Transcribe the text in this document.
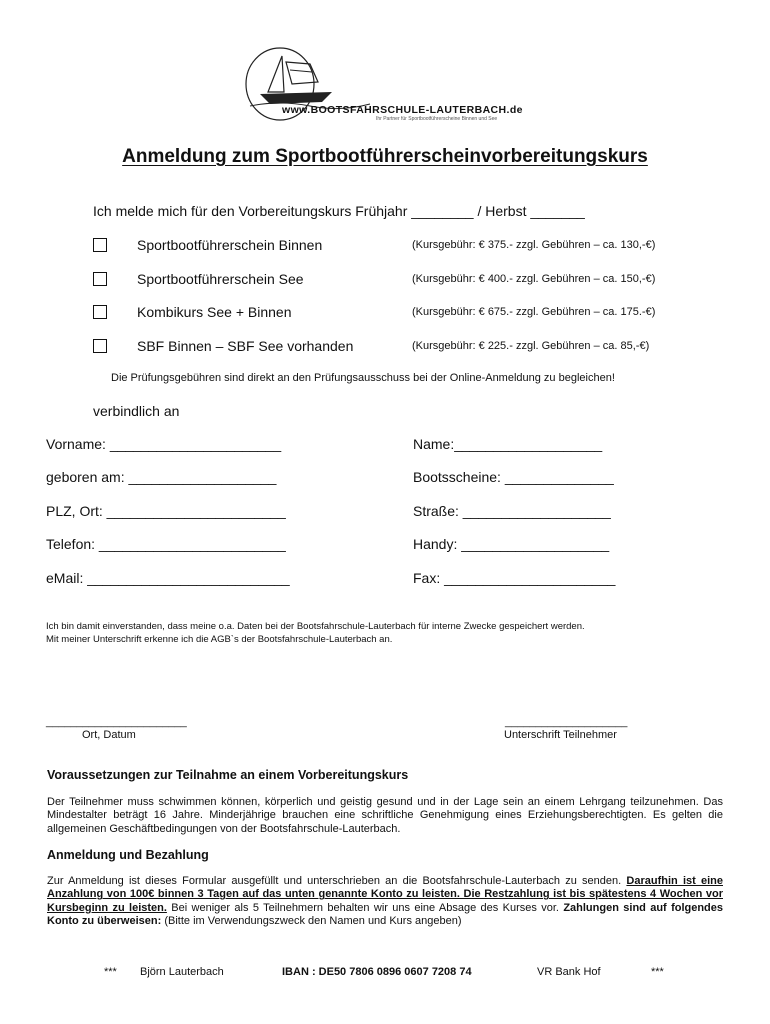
www.BOOTSFAHRSCHULE-LAUTERBACH.de
Ihr Partner für Sportbootführerscheine Binnen und See
Anmeldung zum Sportbootführerscheinvorbereitungskurs
Ich melde mich für den Vorbereitungskurs Frühjahr ________ / Herbst _______
Sportbootführerschein Binnen	(Kursgebühr: € 375.- zzgl. Gebühren – ca. 130,-€)
Sportbootführerschein See	(Kursgebühr: € 400.- zzgl. Gebühren – ca. 150,-€)
Kombikurs See + Binnen	(Kursgebühr: € 675.- zzgl. Gebühren – ca. 175.-€)
SBF Binnen – SBF See vorhanden	(Kursgebühr: € 225.- zzgl. Gebühren – ca. 85,-€)
Die Prüfungsgebühren sind direkt an den Prüfungsausschuss bei der Online-Anmeldung zu begleichen!
verbindlich an
Vorname: ______________________	Name:___________________
geboren am: ___________________	Bootsscheine: ______________
PLZ, Ort: _______________________	Straße: ___________________
Telefon: ________________________	Handy: ___________________
eMail: __________________________	Fax: ______________________
Ich bin damit einverstanden, dass meine o.a. Daten bei der Bootsfahrschule-Lauterbach für interne Zwecke gespeichert werden.
Mit meiner Unterschrift erkenne ich die AGB`s der Bootsfahrschule-Lauterbach an.
_______________________
Ort, Datum
____________________
Unterschrift Teilnehmer
Voraussetzungen zur Teilnahme an einem Vorbereitungskurs
Der Teilnehmer muss schwimmen können, körperlich und geistig gesund und in der Lage sein an einem Lehrgang teilzunehmen. Das Mindestalter beträgt 16 Jahre. Minderjährige brauchen eine schriftliche Genehmigung eines Erziehungsberechtigten. Es gelten die allgemeinen Geschäftbedingungen von der Bootsfahrschule-Lauterbach.
Anmeldung und Bezahlung
Zur Anmeldung ist dieses Formular ausgefüllt und unterschrieben an die Bootsfahrschule-Lauterbach zu senden. Daraufhin ist eine Anzahlung von 100€ binnen 3 Tagen auf das unten genannte Konto zu leisten. Die Restzahlung ist bis spätestens 4 Wochen vor Kursbeginn zu leisten. Bei weniger als 5 Teilnehmern behalten wir uns eine Absage des Kurses vor. Zahlungen sind auf folgendes Konto zu überweisen: (Bitte im Verwendungszweck den Namen und Kurs angeben)
*** Björn Lauterbach	IBAN : DE50 7806 0896 0607 7208 74	VR Bank Hof	***
